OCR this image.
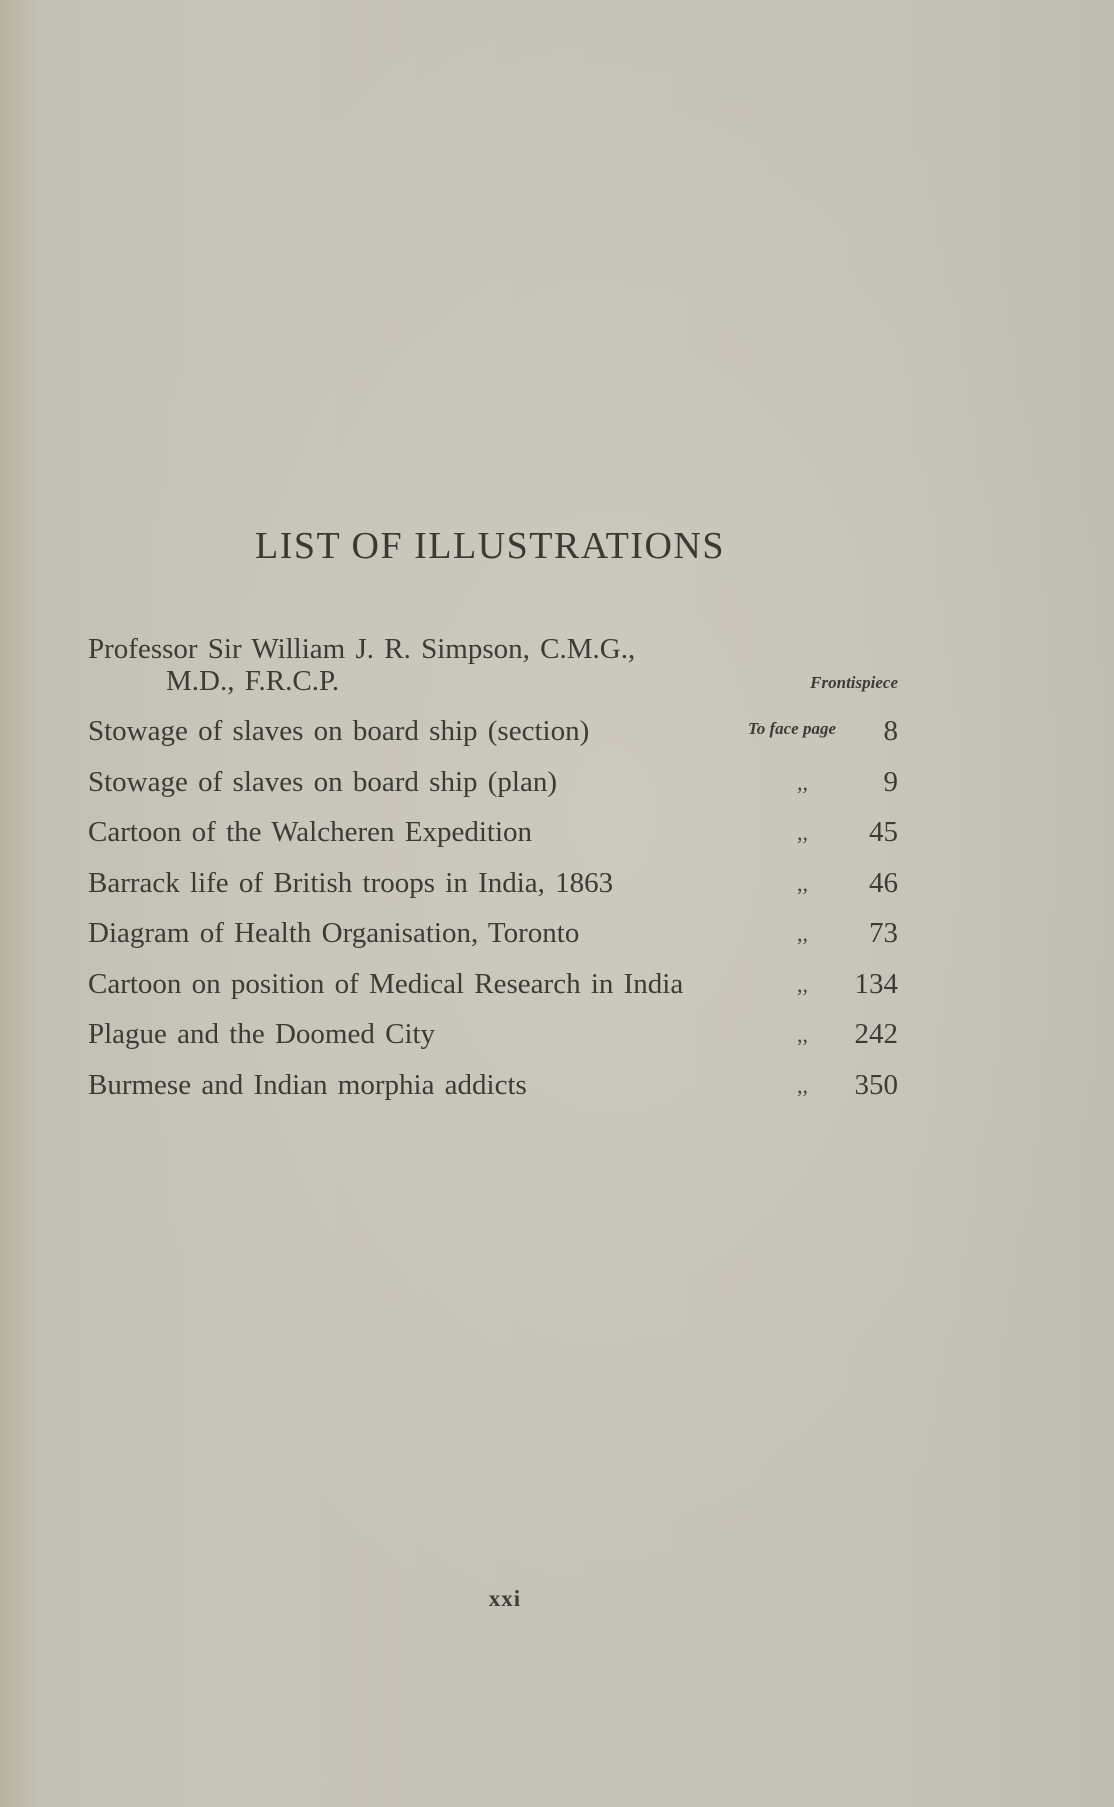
LIST OF ILLUSTRATIONS
Professor Sir William J. R. Simpson, C.M.G.,
M.D., F.R.C.P.	Frontispiece
Stowage of slaves on board ship (section)	To face page 8
Stowage of slaves on board ship (plan)	,,	9
Cartoon of the Walcheren Expedition	,, 45
Barrack life of British troops in India, 1863	,, 46
Diagram of Health Organisation, Toronto	,, 73
Cartoon on position of Medical Research in India	,, 134
Plague and the Doomed City	,, 242
Burmese and Indian morphia addicts	,, 350
xxi
